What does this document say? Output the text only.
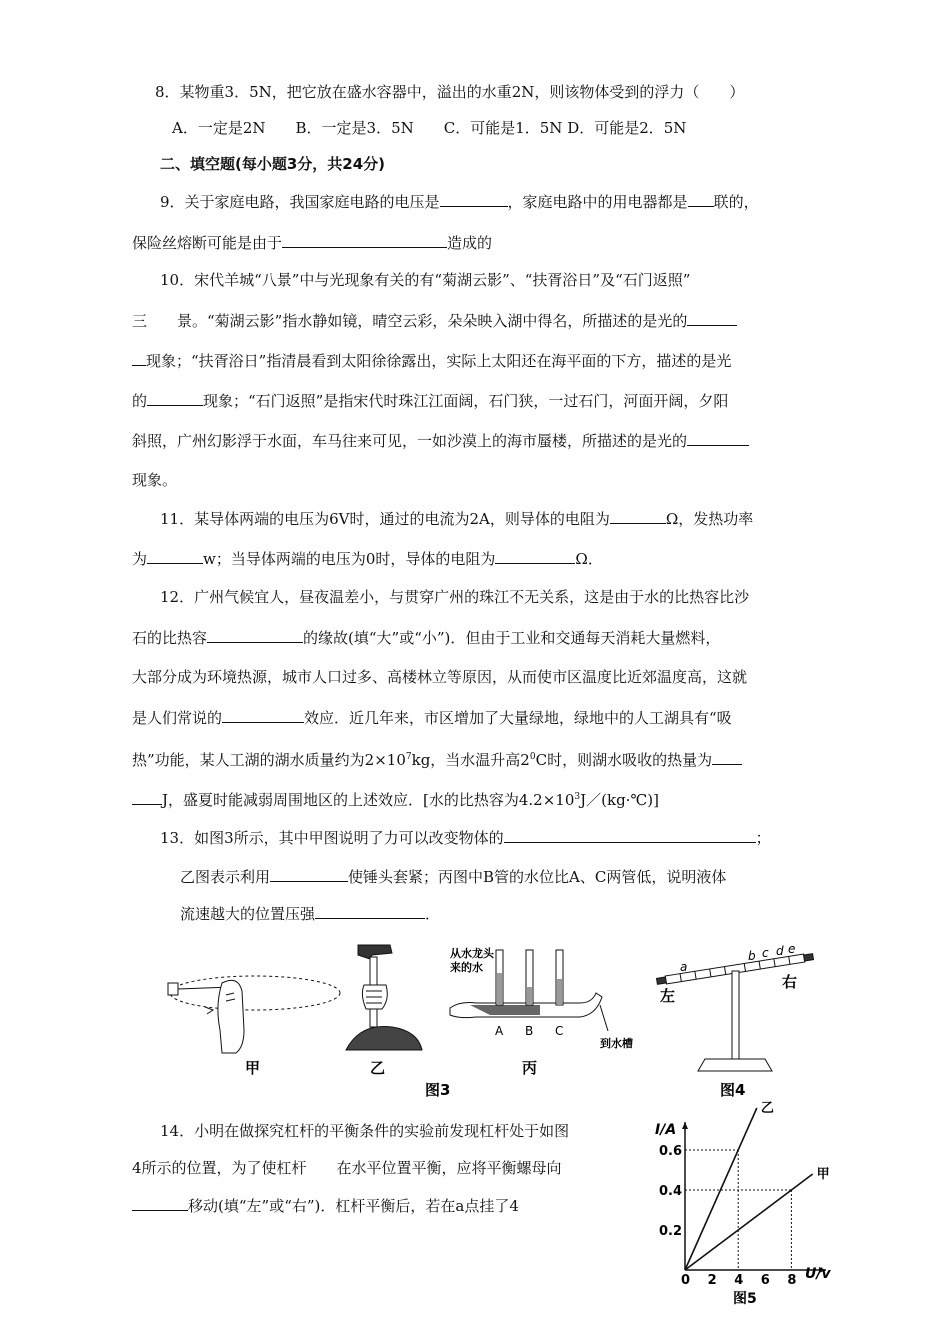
8．某物重3．5N，把它放在盛水容器中，溢出的水重2N，则该物体受到的浮力（　　）
A．一定是2N　　B．一定是3．5N　　C．可能是1．5N D．可能是2．5N
二、填空题(每小题3分，共24分)
9．关于家庭电路，我国家庭电路的电压是	，家庭电路中的用电器都是 联的，
保险丝熔断可能是由于	造成的
10．宋代羊城“八景”中与光现象有关的有“菊湖云影”、“扶胥浴日”及“石门返照”
三　　景。“菊湖云影”指水静如镜，晴空云彩，朵朵映入湖中得名，所描述的是光的
现象；“扶胥浴日”指清晨看到太阳徐徐露出，实际上太阳还在海平面的下方，描述的是光
的	现象；“石门返照”是指宋代时珠江江面阔，石门狭，一过石门，河面开阔，夕阳
斜照，广州幻影浮于水面，车马往来可见，一如沙漠上的海市蜃楼，所描述的是光的
现象。
11．某导体两端的电压为6V时，通过的电流为2A，则导体的电阻为	Ω，发热功率
为	w；当导体两端的电压为0时，导体的电阻为	Ω．
12．广州气候宜人，昼夜温差小，与贯穿广州的珠江不无关系，这是由于水的比热容比沙
石的比热容	的缘故(填“大”或“小”)．但由于工业和交通每天消耗大量燃料，
大部分成为环境热源，城市人口过多、高楼林立等原因，从而使市区温度比近郊温度高，这就
是人们常说的	效应．近几年来，市区增加了大量绿地，绿地中的人工湖具有“吸
热”功能，某人工湖的湖水质量约为$2\times 10^7kg$，当水温升高$2^0C$时，则湖水吸收的热量为
J，盛夏时能减弱周围地区的上述效应．[水的比热容为$4.2\times 10^3J/(kg\cdot℃)$]
13．如图3所示，其中甲图说明了力可以改变物体的	；
乙图表示利用	使锤头套紧；丙图中B管的水位比A、C两管低，说明液体
流速越大的位置压强	．
甲	乙
从水龙头
来的水
A B C
到水槽
丙
图3
a
b c d e
左
右
图4
14．小明在做探究杠杆的平衡条件的实验前发现杠杆处于如图
4所示的位置，为了使杠杆　　在水平位置平衡，应将平衡螺母向
移动(填“左”或“右”)．杠杆平衡后，若在a点挂了4
甲
乙
0 2 4 6 8
0.2
0.4
0.6
I/A
U/v
图5
